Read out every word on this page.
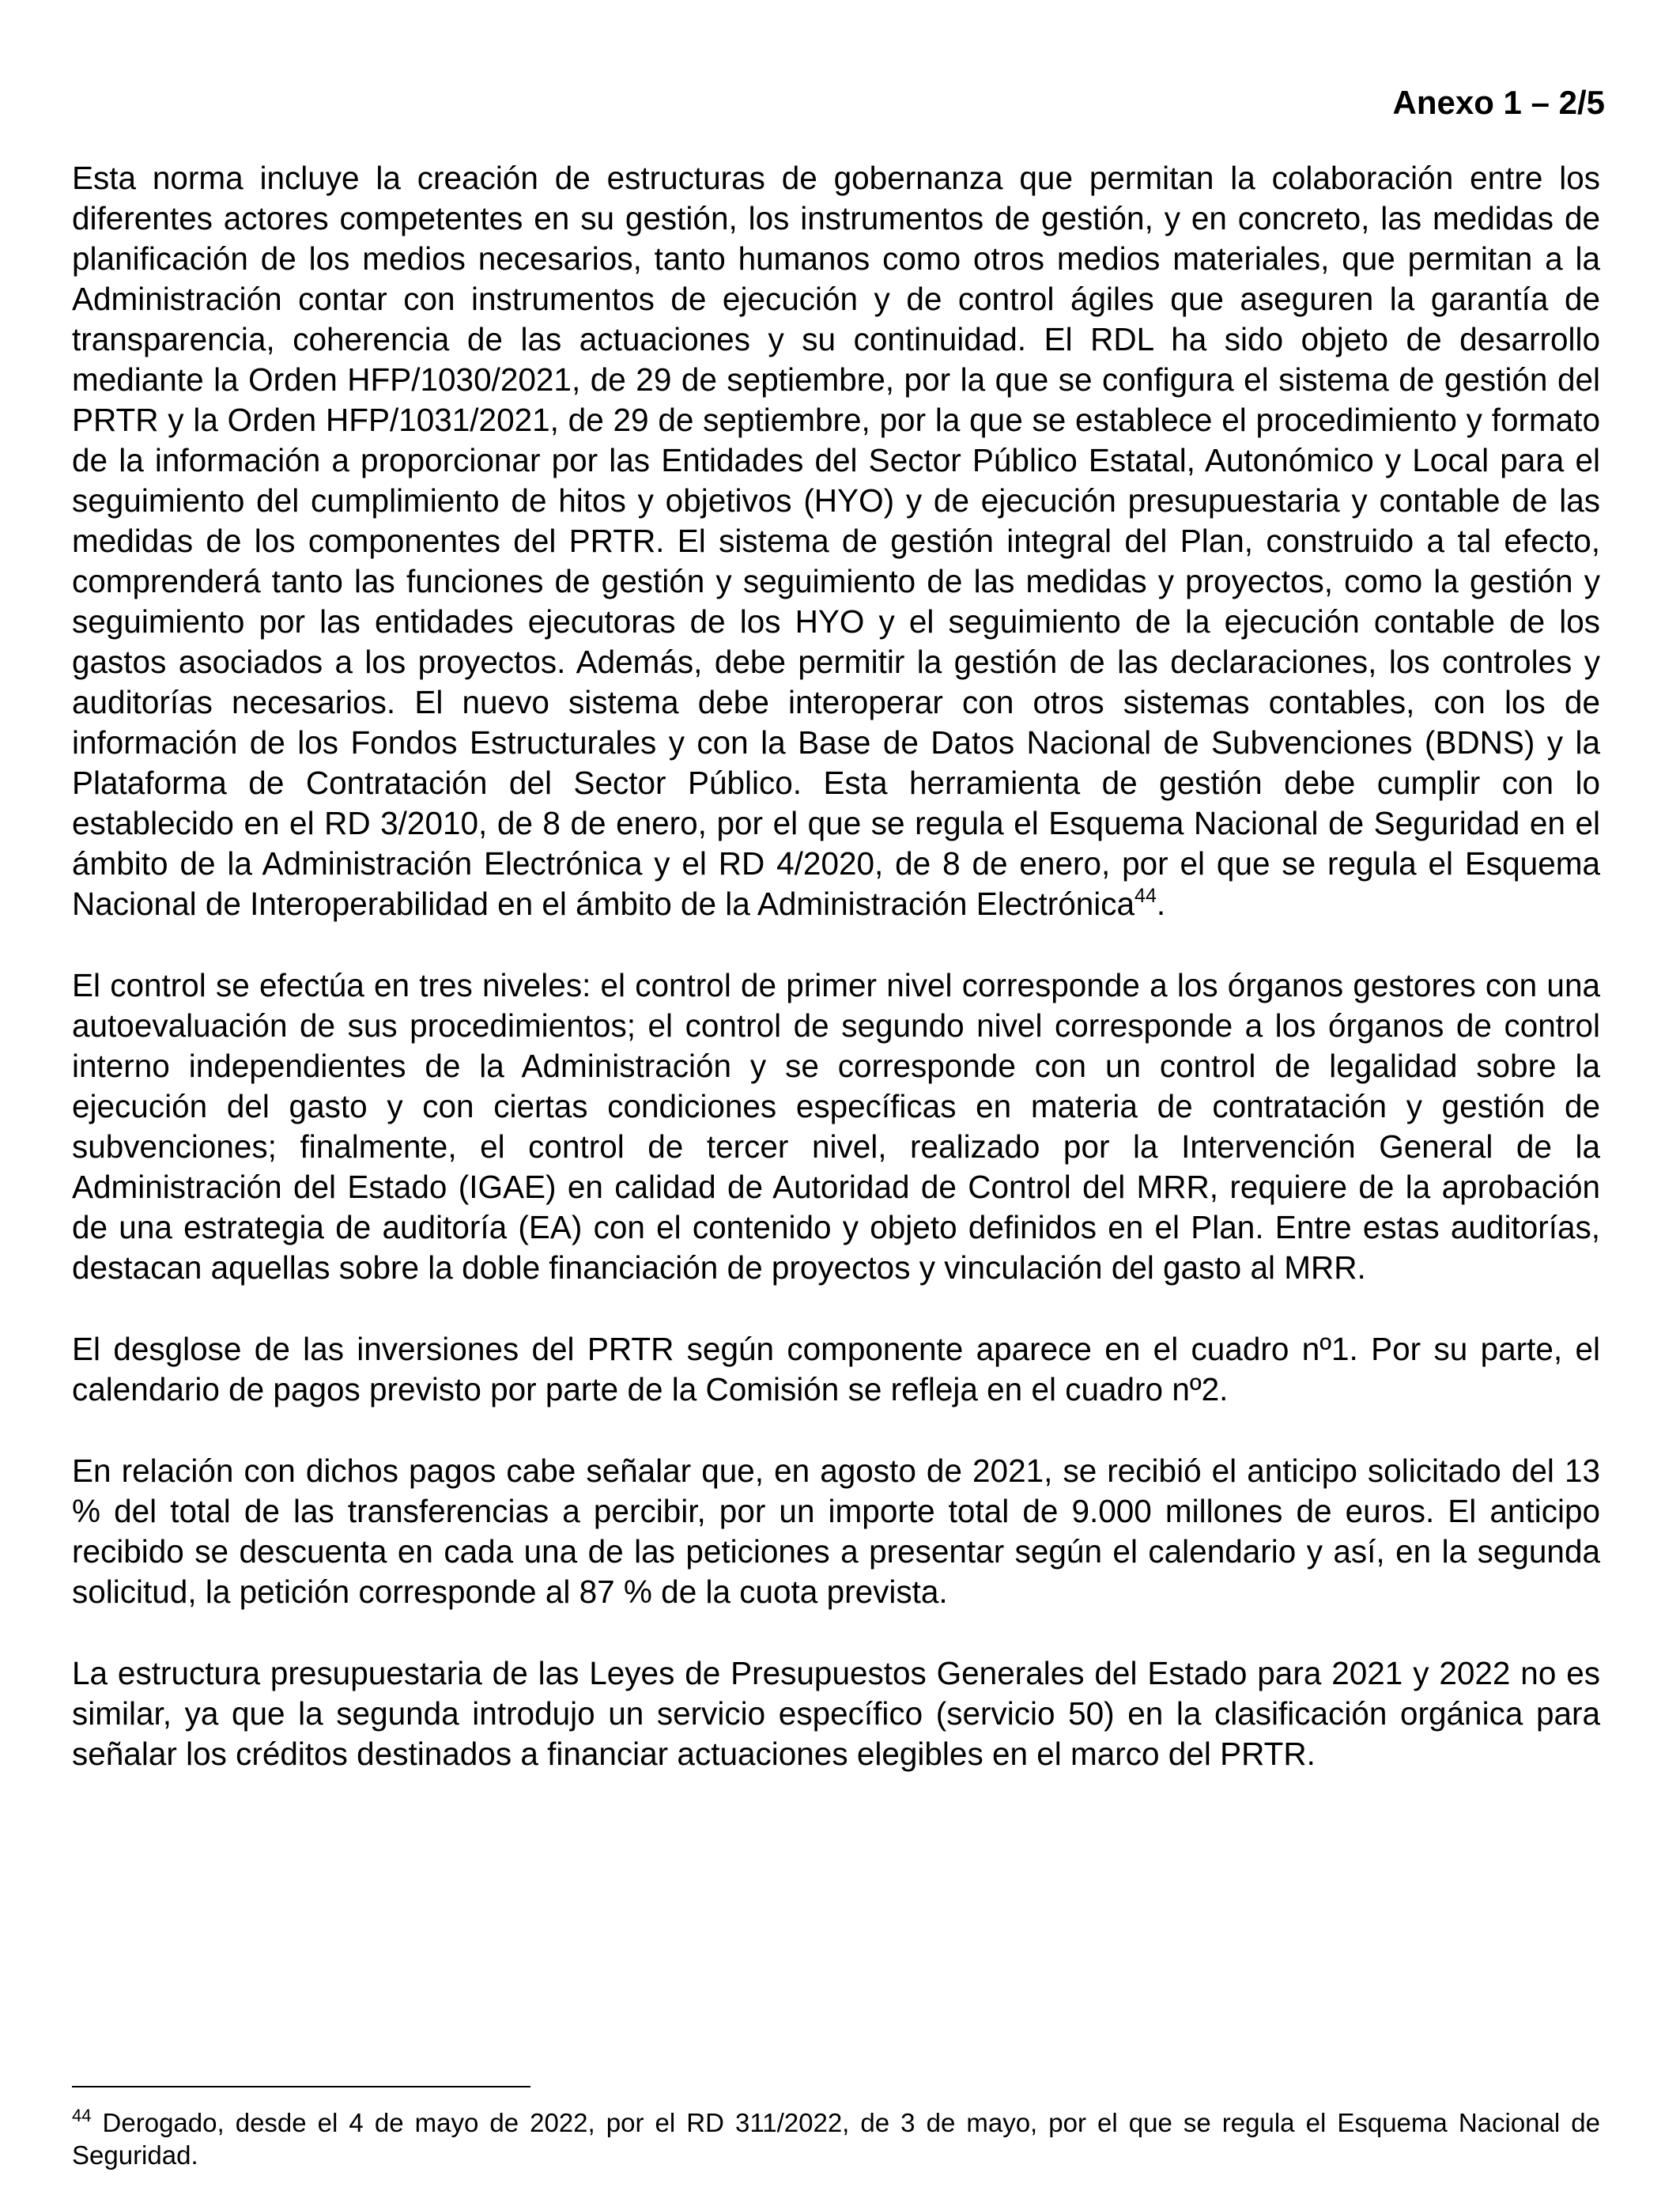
Anexo 1 – 2/5

Esta norma incluye la creación de estructuras de gobernanza que permitan la colaboración entre los diferentes actores competentes en su gestión, los instrumentos de gestión, y en concreto, las medidas de planificación de los medios necesarios, tanto humanos como otros medios materiales, que permitan a la Administración contar con instrumentos de ejecución y de control ágiles que aseguren la garantía de transparencia, coherencia de las actuaciones y su continuidad. El RDL ha sido objeto de desarrollo mediante la Orden HFP/1030/2021, de 29 de septiembre, por la que se configura el sistema de gestión del PRTR y la Orden HFP/1031/2021, de 29 de septiembre, por la que se establece el procedimiento y formato de la información a proporcionar por las Entidades del Sector Público Estatal, Autonómico y Local para el seguimiento del cumplimiento de hitos y objetivos (HYO) y de ejecución presupuestaria y contable de las medidas de los componentes del PRTR. El sistema de gestión integral del Plan, construido a tal efecto, comprenderá tanto las funciones de gestión y seguimiento de las medidas y proyectos, como la gestión y seguimiento por las entidades ejecutoras de los HYO y el seguimiento de la ejecución contable de los gastos asociados a los proyectos. Además, debe permitir la gestión de las declaraciones, los controles y auditorías necesarios. El nuevo sistema debe interoperar con otros sistemas contables, con los de información de los Fondos Estructurales y con la Base de Datos Nacional de Subvenciones (BDNS) y la Plataforma de Contratación del Sector Público. Esta herramienta de gestión debe cumplir con lo establecido en el RD 3/2010, de 8 de enero, por el que se regula el Esquema Nacional de Seguridad en el ámbito de la Administración Electrónica y el RD 4/2020, de 8 de enero, por el que se regula el Esquema Nacional de Interoperabilidad en el ámbito de la Administración Electrónica$^{44}$.

El control se efectúa en tres niveles: el control de primer nivel corresponde a los órganos gestores con una autoevaluación de sus procedimientos; el control de segundo nivel corresponde a los órganos de control interno independientes de la Administración y se corresponde con un control de legalidad sobre la ejecución del gasto y con ciertas condiciones específicas en materia de contratación y gestión de subvenciones; finalmente, el control de tercer nivel, realizado por la Intervención General de la Administración del Estado (IGAE) en calidad de Autoridad de Control del MRR, requiere de la aprobación de una estrategia de auditoría (EA) con el contenido y objeto definidos en el Plan. Entre estas auditorías, destacan aquellas sobre la doble financiación de proyectos y vinculación del gasto al MRR.

El desglose de las inversiones del PRTR según componente aparece en el cuadro nº1. Por su parte, el calendario de pagos previsto por parte de la Comisión se refleja en el cuadro nº2.

En relación con dichos pagos cabe señalar que, en agosto de 2021, se recibió el anticipo solicitado del 13 % del total de las transferencias a percibir, por un importe total de 9.000 millones de euros. El anticipo recibido se descuenta en cada una de las peticiones a presentar según el calendario y así, en la segunda solicitud, la petición corresponde al 87 % de la cuota prevista.

La estructura presupuestaria de las Leyes de Presupuestos Generales del Estado para 2021 y 2022 no es similar, ya que la segunda introdujo un servicio específico (servicio 50) en la clasificación orgánica para señalar los créditos destinados a financiar actuaciones elegibles en el marco del PRTR.

$^{44}$ Derogado, desde el 4 de mayo de 2022, por el RD 311/2022, de 3 de mayo, por el que se regula el Esquema Nacional de Seguridad.
